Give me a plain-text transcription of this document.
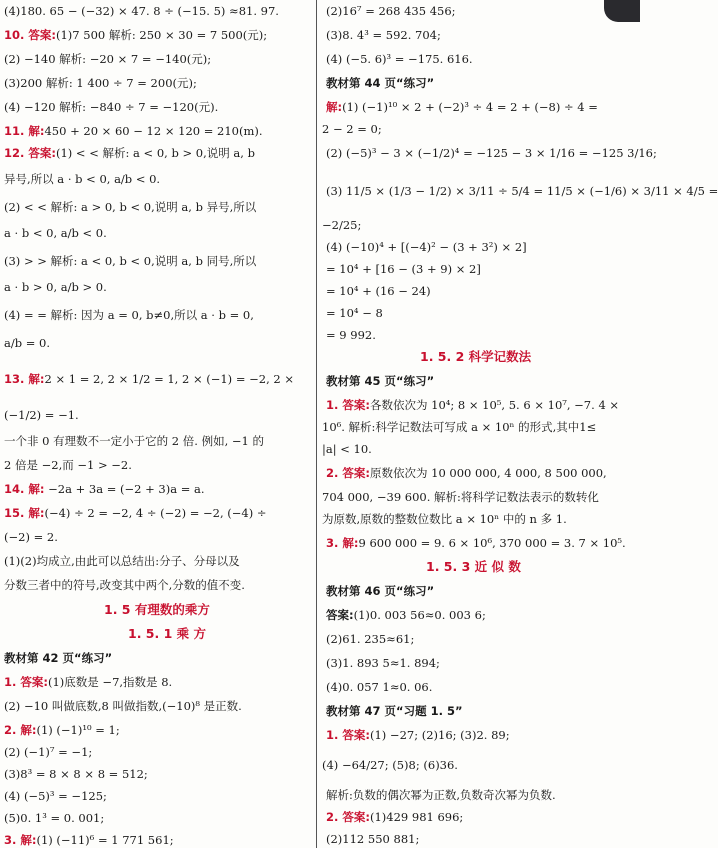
(4)180. 65 − (−32) × 47. 8 ÷ (−15. 5) ≈81. 97.
10. 答案:(1)7 500 解析: 250 × 30 = 7 500(元);
(2) −140 解析: −20 × 7 = −140(元);
(3)200 解析: 1 400 ÷ 7 = 200(元);
(4) −120 解析: −840 ÷ 7 = −120(元).
11. 解:450 + 20 × 60 − 12 × 120 = 210(m).
12. 答案:(1) < < 解析: a < 0, b > 0,说明 a, b
异号,所以 a · b < 0, a/b < 0.
(2) < < 解析: a > 0, b < 0,说明 a, b 异号,所以
a · b < 0, a/b < 0.
(3) > > 解析: a < 0, b < 0,说明 a, b 同号,所以
a · b > 0, a/b > 0.
(4) = = 解析: 因为 a = 0, b≠0,所以 a · b = 0,
a/b = 0.
13. 解:2 × 1 = 2, 2 × 1/2 = 1, 2 × (−1) = −2, 2 ×
(−1/2) = −1.
一个非 0 有理数不一定小于它的 2 倍. 例如, −1 的
2 倍是 −2,而 −1 > −2.
14. 解: −2a + 3a = (−2 + 3)a = a.
15. 解:(−4) ÷ 2 = −2, 4 ÷ (−2) = −2, (−4) ÷
(−2) = 2.
(1)(2)均成立,由此可以总结出:分子、分母以及
分数三者中的符号,改变其中两个,分数的值不变.
1. 5 有理数的乘方
1. 5. 1 乘 方
教材第 42 页“练习”
1. 答案:(1)底数是 −7,指数是 8.
(2) −10 叫做底数,8 叫做指数,(−10)⁸ 是正数.
2. 解:(1) (−1)¹⁰ = 1;
(2) (−1)⁷ = −1;
(3)8³ = 8 × 8 × 8 = 512;
(4) (−5)³ = −125;
(5)0. 1³ = 0. 001;
3. 解:(1) (−11)⁶ = 1 771 561;
(2)16⁷ = 268 435 456;
(3)8. 4³ = 592. 704;
(4) (−5. 6)³ = −175. 616.
教材第 44 页“练习”
解:(1) (−1)¹⁰ × 2 + (−2)³ ÷ 4 = 2 + (−8) ÷ 4 =
2 − 2 = 0;
(2) (−5)³ − 3 × (−1/2)⁴ = −125 − 3 × 1/16 = −125 3/16;
(3) 11/5 × (1/3 − 1/2) × 3/11 ÷ 5/4 = 11/5 × (−1/6) × 3/11 × 4/5 =
−2/25;
(4) (−10)⁴ + [(−4)² − (3 + 3²) × 2]
= 10⁴ + [16 − (3 + 9) × 2]
= 10⁴ + (16 − 24)
= 10⁴ − 8
= 9 992.
1. 5. 2 科学记数法
教材第 45 页“练习”
1. 答案:各数依次为 10⁴; 8 × 10⁵, 5. 6 × 10⁷, −7. 4 ×
10⁶. 解析:科学记数法可写成 a × 10ⁿ 的形式,其中1≤
|a| < 10.
2. 答案:原数依次为 10 000 000, 4 000, 8 500 000,
704 000, −39 600. 解析:将科学记数法表示的数转化
为原数,原数的整数位数比 a × 10ⁿ 中的 n 多 1.
3. 解:9 600 000 = 9. 6 × 10⁶, 370 000 = 3. 7 × 10⁵.
1. 5. 3 近 似 数
教材第 46 页“练习”
答案:(1)0. 003 56≈0. 003 6;
(2)61. 235≈61;
(3)1. 893 5≈1. 894;
(4)0. 057 1≈0. 06.
教材第 47 页“习题 1. 5”
1. 答案:(1) −27; (2)16; (3)2. 89;
(4) −64/27; (5)8; (6)36.
解析:负数的偶次幂为正数,负数奇次幂为负数.
2. 答案:(1)429 981 696;
(2)112 550 881;
